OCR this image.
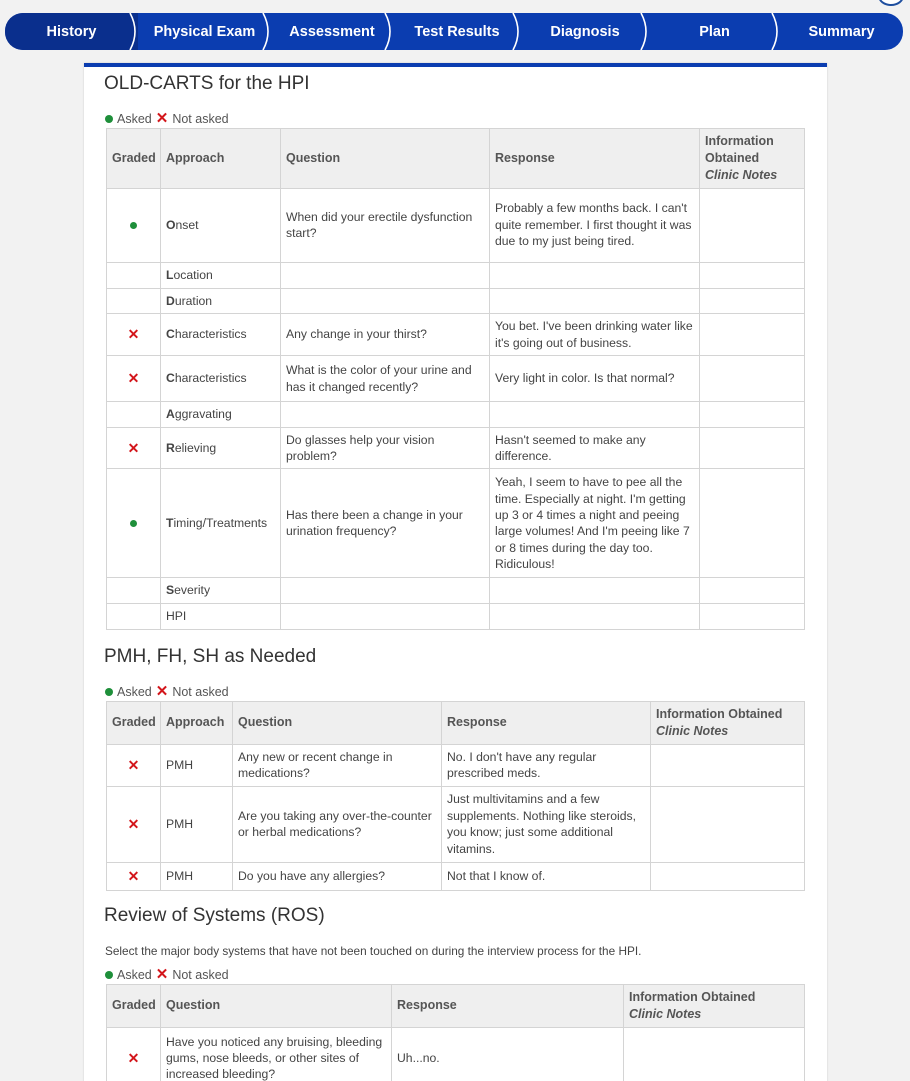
History	Physical Exam Assessment	Test Results	Diagnosis	Plan	Summary
OLD-CARTS for the HPI
Asked ✕ Not asked
Graded	Approach	Question	Response	Information Obtained
Clinic Notes
	Onset	When did your erectile dysfunction start?	Probably a few months back. I can't quite remember. I first thought it was due to my just being tired.	
	Location			
	Duration			
✕	Characteristics	Any change in your thirst?	You bet. I've been drinking water like it's going out of business.	
✕	Characteristics	What is the color of your urine and has it changed recently?	Very light in color. Is that normal?	
	Aggravating			
✕	Relieving	Do glasses help your vision problem?	Hasn't seemed to make any difference.	
	Timing/Treatments	Has there been a change in your urination frequency?	Yeah, I seem to have to pee all the time. Especially at night. I'm getting up 3 or 4 times a night and peeing large volumes! And I'm peeing like 7 or 8 times during the day too. Ridiculous!	
	Severity			
	HPI			
PMH, FH, SH as Needed
Asked ✕ Not asked
Graded	Approach	Question	Response	Information Obtained
Clinic Notes
✕	PMH	Any new or recent change in medications?	No. I don't have any regular prescribed meds.	
✕	PMH	Are you taking any over-the-counter or herbal medications?	Just multivitamins and a few supplements. Nothing like steroids, you know; just some additional vitamins.	
✕	PMH	Do you have any allergies?	Not that I know of.	
Review of Systems (ROS)
Select the major body systems that have not been touched on during the interview process for the HPI.
Asked ✕ Not asked
Graded	Question	Response	Information Obtained
Clinic Notes
✕	Have you noticed any bruising, bleeding gums, nose bleeds, or other sites of increased bleeding?	Uh...no.	
